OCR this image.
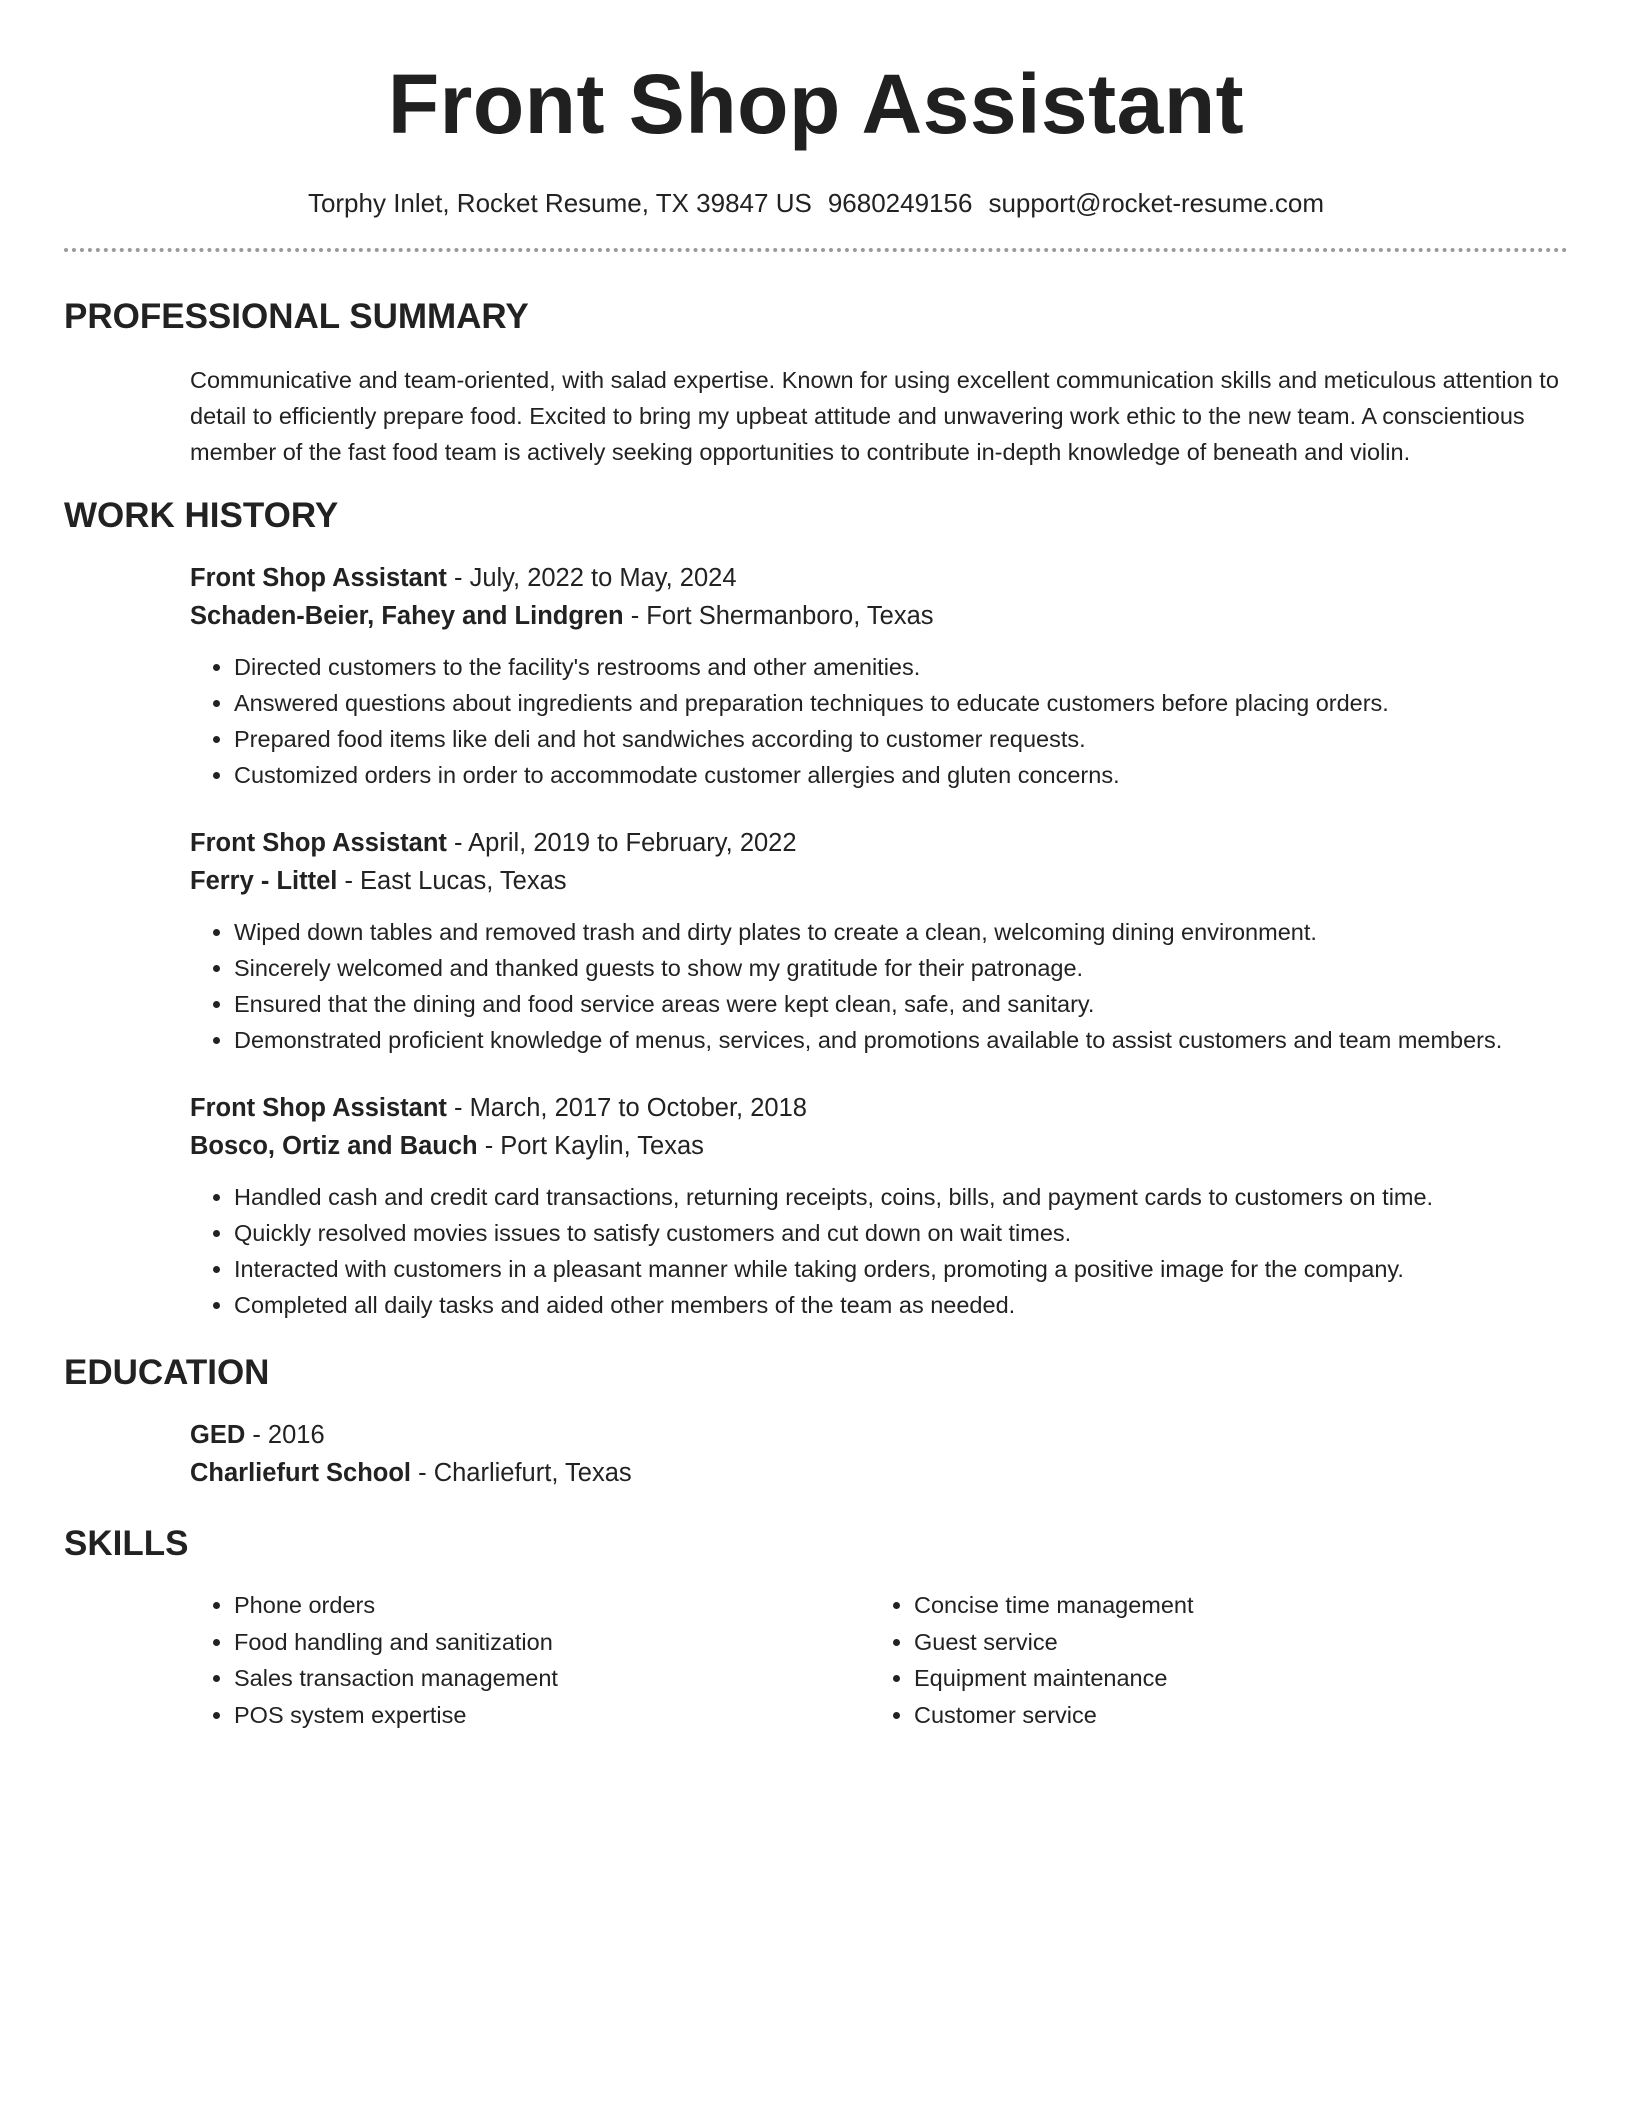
Front Shop Assistant
Torphy Inlet, Rocket Resume, TX 39847 US 9680249156 support@rocket-resume.com
PROFESSIONAL SUMMARY

Communicative and team-oriented, with salad expertise. Known for using excellent communication skills and meticulous attention to detail to efficiently prepare food. Excited to bring my upbeat attitude and unwavering work ethic to the new team. A conscientious member of the fast food team is actively seeking opportunities to contribute in-depth knowledge of beneath and violin.

WORK HISTORY
Front Shop Assistant - July, 2022 to May, 2024
Schaden-Beier, Fahey and Lindgren - Fort Shermanboro, Texas
• Directed customers to the facility's restrooms and other amenities.
• Answered questions about ingredients and preparation techniques to educate customers before placing orders.
• Prepared food items like deli and hot sandwiches according to customer requests.
• Customized orders in order to accommodate customer allergies and gluten concerns.
Front Shop Assistant - April, 2019 to February, 2022
Ferry - Littel - East Lucas, Texas
• Wiped down tables and removed trash and dirty plates to create a clean, welcoming dining environment.
• Sincerely welcomed and thanked guests to show my gratitude for their patronage.
• Ensured that the dining and food service areas were kept clean, safe, and sanitary.
• Demonstrated proficient knowledge of menus, services, and promotions available to assist customers and team members.
Front Shop Assistant - March, 2017 to October, 2018
Bosco, Ortiz and Bauch - Port Kaylin, Texas
• Handled cash and credit card transactions, returning receipts, coins, bills, and payment cards to customers on time.
• Quickly resolved movies issues to satisfy customers and cut down on wait times.
• Interacted with customers in a pleasant manner while taking orders, promoting a positive image for the company.
• Completed all daily tasks and aided other members of the team as needed.
EDUCATION
GED - 2016
Charliefurt School - Charliefurt, Texas
SKILLS
• Phone orders
• Food handling and sanitization
• Sales transaction management
• POS system expertise
• Concise time management
• Guest service
• Equipment maintenance
• Customer service
